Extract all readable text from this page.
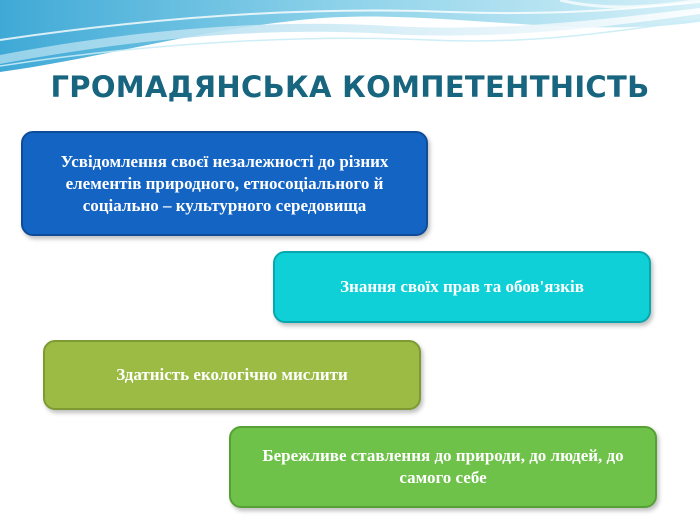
ГРОМАДЯНСЬКА КОМПЕТЕНТНІСТЬ
Усвідомлення своєї незалежності до різних елементів природного, етносоціального й соціально – культурного середовища
Знання своїх прав та обов'язків
Здатність екологічно мислити
Бережливе ставлення до природи, до людей, до самого себе
